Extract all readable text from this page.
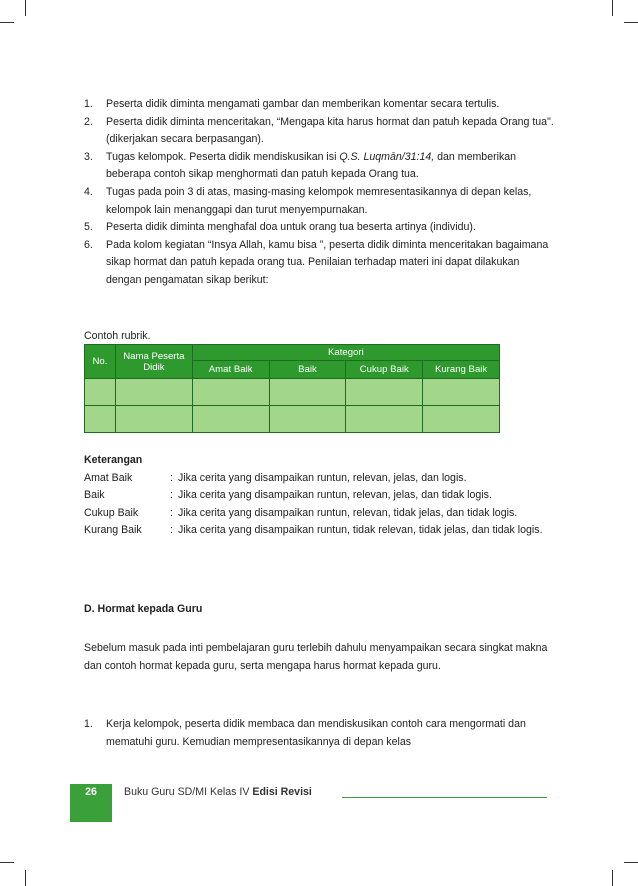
1. Peserta didik diminta mengamati gambar dan memberikan komentar secara tertulis.
2. Peserta didik diminta menceritakan, “Mengapa kita harus hormat dan patuh kepada Orang tua". (dikerjakan secara berpasangan).
3. Tugas kelompok. Peserta didik mendiskusikan isi Q.S. Luqmān/31:14, dan memberikan beberapa contoh sikap menghormati dan patuh kepada Orang tua.
4. Tugas pada poin 3 di atas, masing-masing kelompok memresentasikannya di depan kelas, kelompok lain menanggapi dan turut menyempurnakan.
5. Peserta didik diminta menghafal doa untuk orang tua beserta artinya (individu).
6. Pada kolom kegiatan “Insya Allah, kamu bisa ”, peserta didik diminta menceritakan bagaimana sikap hormat dan patuh kepada orang tua. Penilaian terhadap materi ini dapat dilakukan dengan pengamatan sikap berikut:
Contoh rubrik.
No.	Nama Peserta Didik	Kategori			
		Amat Baik	Baik	Cukup Baik	Kurang Baik

Keterangan
Amat Baik	: Jika cerita yang disampaikan runtun, relevan, jelas, dan logis.
Baik	: Jika cerita yang disampaikan runtun, relevan, jelas, dan tidak logis.
Cukup Baik	: Jika cerita yang disampaikan runtun, relevan, tidak jelas, dan tidak logis.
Kurang Baik	: Jika cerita yang disampaikan runtun, tidak relevan, tidak jelas, dan tidak logis.
D. Hormat kepada Guru
Sebelum masuk pada inti pembelajaran guru terlebih dahulu menyampaikan secara singkat makna dan contoh hormat kepada guru, serta mengapa harus hormat kepada guru.
1. Kerja kelompok, peserta didik membaca dan mendiskusikan contoh cara mengormati dan mematuhi guru. Kemudian mempresentasikannya di depan kelas
26	Buku Guru SD/MI Kelas IV Edisi Revisi
